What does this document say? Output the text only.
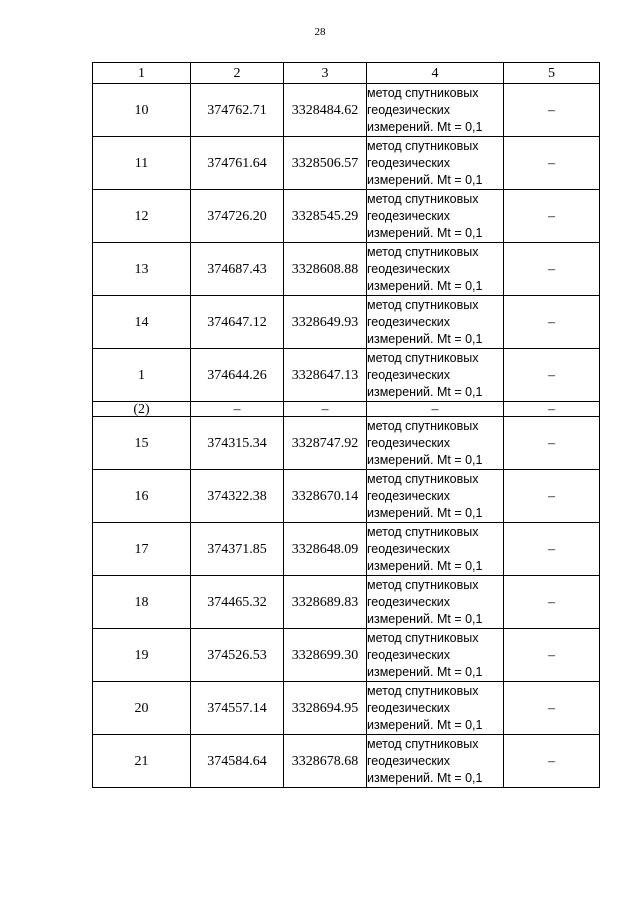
28
1	2	3	4	5
10	374762.71	3328484.62	метод спутниковых
геодезических
измерений. Mt = 0,1	–
11	374761.64	3328506.57	метод спутниковых
геодезических
измерений. Mt = 0,1	–
12	374726.20	3328545.29	метод спутниковых
геодезических
измерений. Mt = 0,1	–
13	374687.43	3328608.88	метод спутниковых
геодезических
измерений. Mt = 0,1	–
14	374647.12	3328649.93	метод спутниковых
геодезических
измерений. Mt = 0,1	–
1	374644.26	3328647.13	метод спутниковых
геодезических
измерений. Mt = 0,1	–
(2)	–	–	–	–
15	374315.34	3328747.92	метод спутниковых
геодезических
измерений. Mt = 0,1	–
16	374322.38	3328670.14	метод спутниковых
геодезических
измерений. Mt = 0,1	–
17	374371.85	3328648.09	метод спутниковых
геодезических
измерений. Mt = 0,1	–
18	374465.32	3328689.83	метод спутниковых
геодезических
измерений. Mt = 0,1	–
19	374526.53	3328699.30	метод спутниковых
геодезических
измерений. Mt = 0,1	–
20	374557.14	3328694.95	метод спутниковых
геодезических
измерений. Mt = 0,1	–
21	374584.64	3328678.68	метод спутниковых
геодезических
измерений. Mt = 0,1	–
